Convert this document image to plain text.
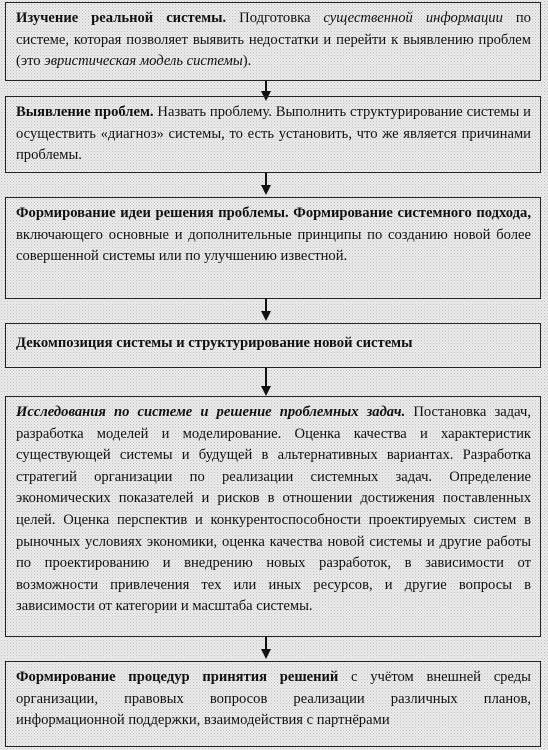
Изучение реальной системы. Подготовка существенной информации по системе, которая позволяет выявить недостатки и перейти к выявлению проблем (это эвристическая модель системы).
Выявление проблем. Назвать проблему. Выполнить структурирование системы и осуществить «диагноз» системы, то есть установить, что же является причинами проблемы.
Формирование идеи решения проблемы. Формирование системного подхода, включающего основные и дополнительные принципы по созданию новой более совершенной системы или по улучшению известной.
Декомпозиция системы и структурирование новой системы
Исследования по системе и решение проблемных задач. Постановка задач, разработка моделей и моделирование. Оценка качества и характеристик существующей системы и будущей в альтернативных вариантах. Разработка стратегий организации по реализации системных задач. Определение экономических показателей и рисков в отношении достижения поставленных целей. Оценка перспектив и конкурентоспособности проектируемых систем в рыночных условиях экономики, оценка качества новой системы и другие работы по проектированию и внедрению новых разработок, в зависимости от возможности привлечения тех или иных ресурсов, и другие вопросы в зависимости от категории и масштаба системы.
Формирование процедур принятия решений с учётом внешней среды организации, правовых вопросов реализации различных планов, информационной поддержки, взаимодействия с партнёрами
